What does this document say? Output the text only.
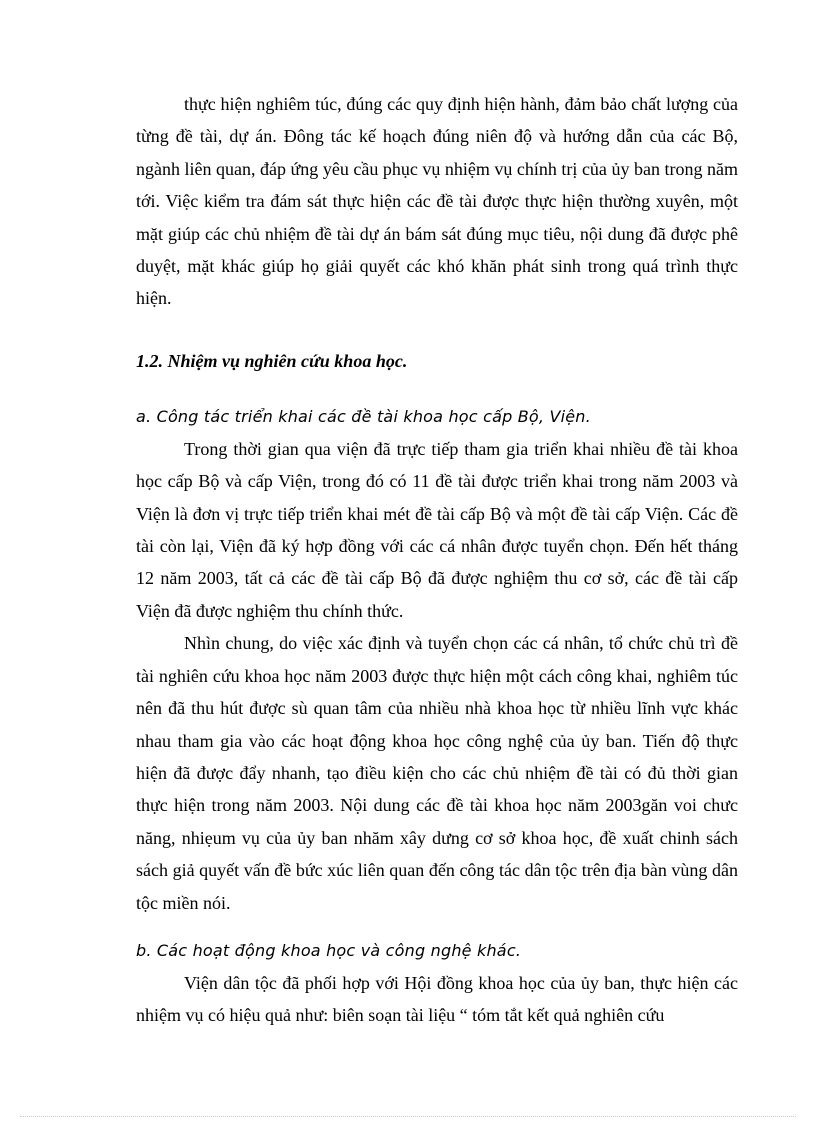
thực hiện nghiêm túc, đúng các quy định hiện hành, đảm bảo chất lượng của từng đề tài, dự án. Đông tác kế hoạch đúng niên độ và hướng dẫn của các Bộ, ngành liên quan, đáp ứng yêu cầu phục vụ nhiệm vụ chính trị của ủy ban trong năm tới. Việc kiểm tra đám sát thực hiện các đề tài được thực hiện thường xuyên, một mặt giúp các chủ nhiệm đề tài dự án bám sát đúng mục tiêu, nội dung đã được phê duyệt, mặt khác giúp họ giải quyết các khó khăn phát sinh trong quá trình thực hiện.

1.2. Nhiệm vụ nghiên cứu khoa học.

a. Công tác triển khai các đề tài khoa học cấp Bộ, Viện.

Trong thời gian qua viện đã trực tiếp tham gia triển khai nhiều đề tài khoa học cấp Bộ và cấp Viện, trong đó có 11 đề tài được triển khai trong năm 2003 và Viện là đơn vị trực tiếp triển khai mét đề tài cấp Bộ và một đề tài cấp Viện. Các đề tài còn lại, Viện đã ký hợp đồng với các cá nhân được tuyển chọn. Đến hết tháng 12 năm 2003, tất cả các đề tài cấp Bộ đã được nghiệm thu cơ sở, các đề tài cấp Viện đã được nghiệm thu chính thức.

Nhìn chung, do việc xác định và tuyển chọn các cá nhân, tổ chức chủ trì đề tài nghiên cứu khoa học năm 2003 được thực hiện một cách công khai, nghiêm túc nên đã thu hút được sù quan tâm của nhiều nhà khoa học từ nhiều lĩnh vực khác nhau tham gia vào các hoạt động khoa học công nghệ của ủy ban. Tiến độ thực hiện đã được đẩy nhanh, tạo điều kiện cho các chủ nhiệm đề tài có đủ thời gian thực hiện trong năm 2003. Nội dung các đề tài khoa học năm 2003găn voi chưc năng, nhiẹum vụ của ủy ban nhăm xây dưng cơ sở khoa học, đề xuất chinh sách sách giả quyết vấn đề bức xúc liên quan đến công tác dân tộc trên địa bàn vùng dân tộc miền nói.

b. Các hoạt động khoa học và công nghệ khác.

Viện dân tộc đã phối hợp với Hội đồng khoa học của ủy ban, thực hiện các nhiệm vụ có hiệu quả như: biên soạn tài liệu “ tóm tắt kết quả nghiên cứu
